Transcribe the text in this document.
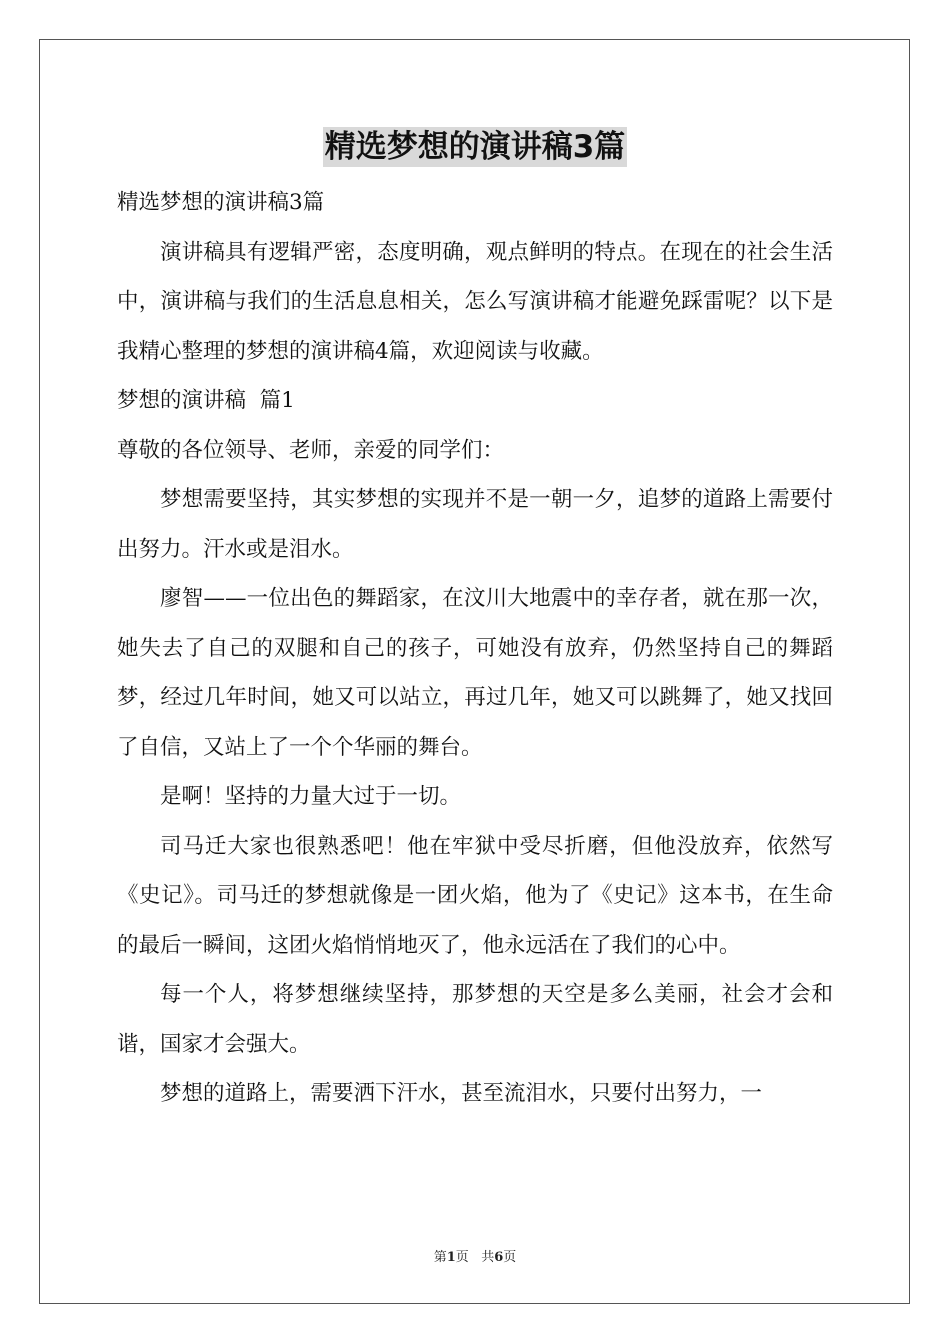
精选梦想的演讲稿3篇

精选梦想的演讲稿3篇

演讲稿具有逻辑严密，态度明确，观点鲜明的特点。在现在的社会生活中，演讲稿与我们的生活息息相关，怎么写演讲稿才能避免踩雷呢？以下是我精心整理的梦想的演讲稿4篇，欢迎阅读与收藏。

梦想的演讲稿  篇1

尊敬的各位领导、老师，亲爱的同学们：

梦想需要坚持，其实梦想的实现并不是一朝一夕，追梦的道路上需要付出努力。汗水或是泪水。

廖智——一位出色的舞蹈家，在汶川大地震中的幸存者，就在那一次，她失去了自己的双腿和自己的孩子，可她没有放弃，仍然坚持自己的舞蹈梦，经过几年时间，她又可以站立，再过几年，她又可以跳舞了，她又找回了自信，又站上了一个个华丽的舞台。

是啊！坚持的力量大过于一切。

司马迁大家也很熟悉吧！他在牢狱中受尽折磨，但他没放弃，依然写《史记》。司马迁的梦想就像是一团火焰，他为了《史记》这本书，在生命的最后一瞬间，这团火焰悄悄地灭了，他永远活在了我们的心中。

每一个人，将梦想继续坚持，那梦想的天空是多么美丽，社会才会和谐，国家才会强大。

梦想的道路上，需要洒下汗水，甚至流泪水，只要付出努力，一

第1页 共6页
